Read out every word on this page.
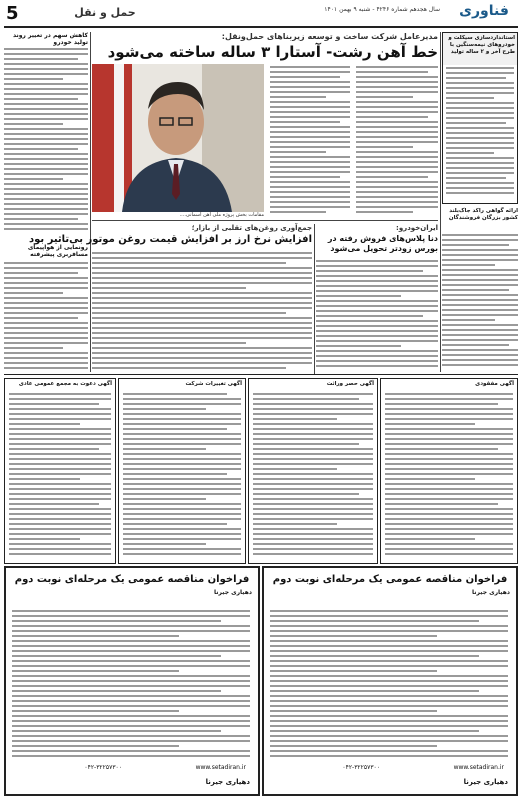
5	حمل و نقل	سال هجدهم شماره ۴۲۴۶ - شنبه ۹ بهمن ۱۴۰۱	فناوری
کاهش سهم در تغییر روند تولید خودرو
رونمایی از هواپیمای مسافربری پیشرفته
مدیرعامل شرکت ساخت و توسعه زیربناهای حمل‌ونقل:
خط آهن رشت- آستارا ۳ ساله ساخته می‌شود
مقامات بخش پروژه ملی آهن آسمانی....
جمع‌آوری روغن‌های تقلبی از بازار؛
افزایش نرخ ارز بر افزایش قیمت روغن موتور بی‌تاثیر بود
ایران‌خودرو:
دنا پلاس‌های فروش رفته در بورس زودتر تحویل می‌شود
استانداردسازی سیکلت و خودروهای نیمه‌سنگین با طرح آخر و ۲ ساله تولید
ارائه گواهی راکد جاک‌بلند کشور بزرگان فروشندگان
آگهی دعوت به مجمع عمومی عادی	آگهی تغییرات شرکت	آگهی حصر وراثت	آگهی مفقودی
فراخوان مناقصه عمومی یک مرحله‌ای نوبت دوم
دهیاری جیرنا
۰۴۲-۳۲۲۵۷۳۰۰	www.setadiran.ir
دهیاری جیرنا
فراخوان مناقصه عمومی یک مرحله‌ای نوبت دوم
دهیاری جیرنا
۰۴۲-۳۲۲۵۷۳۰۰	www.setadiran.ir
دهیاری جیرنا
